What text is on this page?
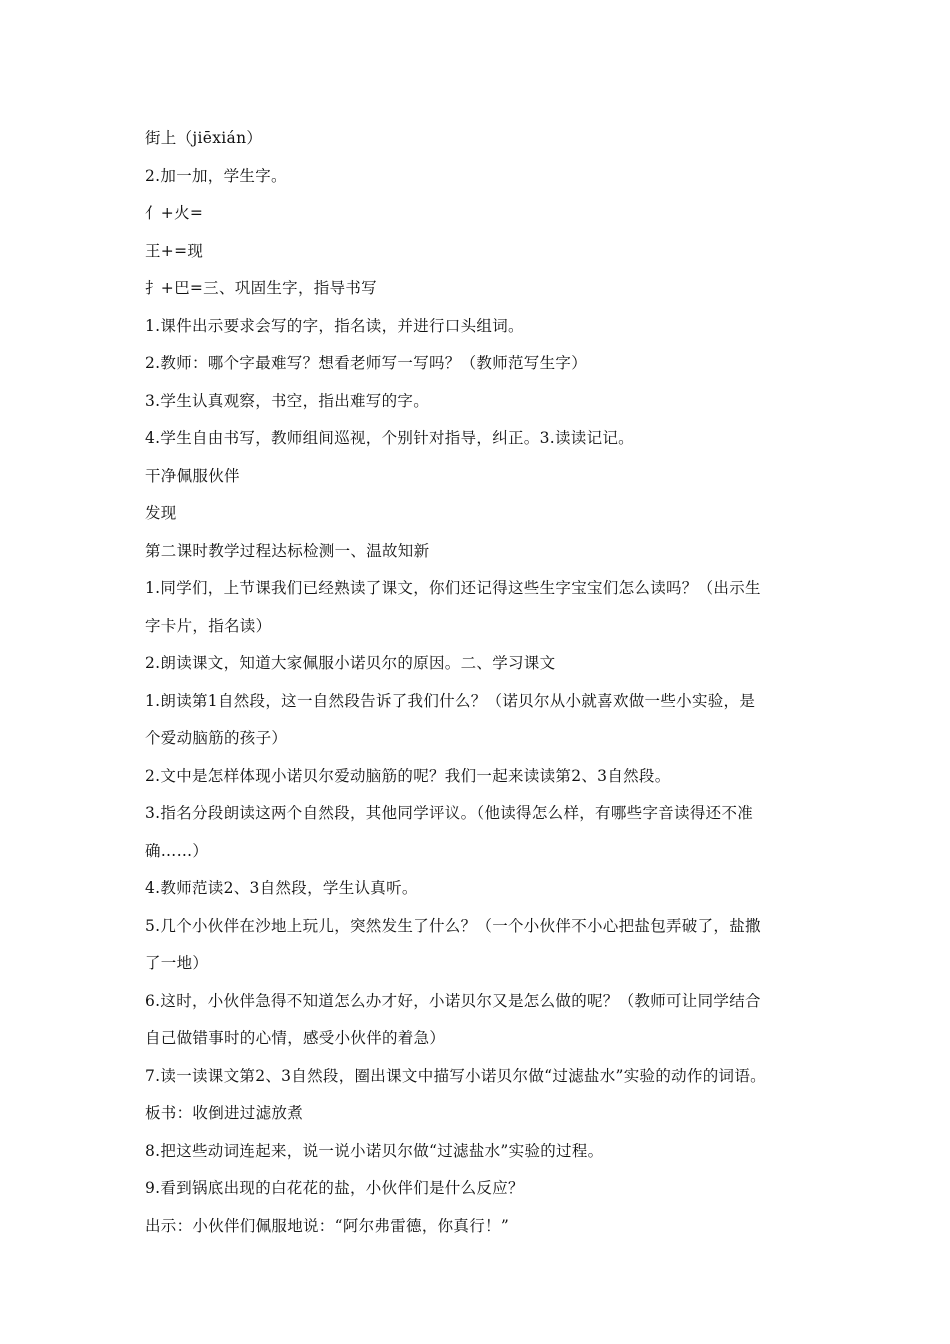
街上（jiēxián）
2.加一加，学生字。
亻+火=
王+=现
扌+巴=三、巩固生字，指导书写
1.课件出示要求会写的字，指名读，并进行口头组词。
2.教师：哪个字最难写？想看老师写一写吗？（教师范写生字）
3.学生认真观察，书空，指出难写的字。
4.学生自由书写，教师组间巡视，个别针对指导，纠正。3.读读记记。
干净佩服伙伴
发现
第二课时教学过程达标检测一、温故知新
1.同学们，上节课我们已经熟读了课文，你们还记得这些生字宝宝们怎么读吗？（出示生
字卡片，指名读）
2.朗读课文，知道大家佩服小诺贝尔的原因。二、学习课文
1.朗读第1自然段，这一自然段告诉了我们什么？（诺贝尔从小就喜欢做一些小实验，是
个爱动脑筋的孩子）
2.文中是怎样体现小诺贝尔爱动脑筋的呢？我们一起来读读第2、3自然段。
3.指名分段朗读这两个自然段，其他同学评议。（他读得怎么样，有哪些字音读得还不准
确……）
4.教师范读2、3自然段，学生认真听。
5.几个小伙伴在沙地上玩儿，突然发生了什么？（一个小伙伴不小心把盐包弄破了，盐撒
了一地）
6.这时，小伙伴急得不知道怎么办才好，小诺贝尔又是怎么做的呢？（教师可让同学结合
自己做错事时的心情，感受小伙伴的着急）
7.读一读课文第2、3自然段，圈出课文中描写小诺贝尔做“过滤盐水”实验的动作的词语。
板书：收倒进过滤放煮
8.把这些动词连起来，说一说小诺贝尔做“过滤盐水”实验的过程。
9.看到锅底出现的白花花的盐，小伙伴们是什么反应？
出示：小伙伴们佩服地说：“阿尔弗雷德，你真行！”
